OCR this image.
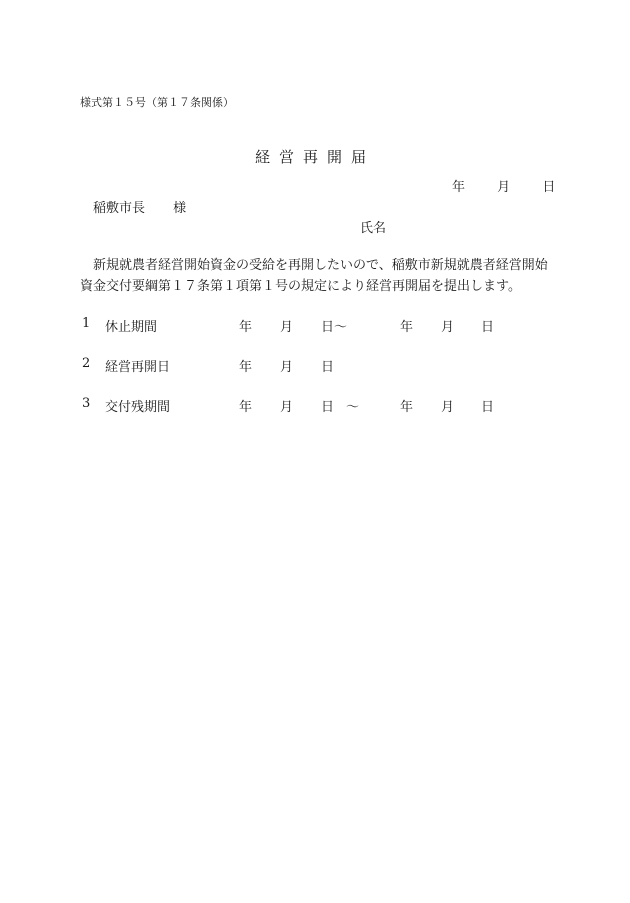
様式第１５号（第１７条関係）
経営再開届
年 月 日
稲敷市長 様
氏名
新規就農者経営開始資金の受給を再開したいので、稲敷市新規就農者経営開始資金交付要綱第１７条第１項第１号の規定により経営再開届を提出します。
1 休止期間	年 月 日〜	年 月 日
2 経営再開日	年 月 日
3 交付残期間	年 月 日 〜	年 月 日
